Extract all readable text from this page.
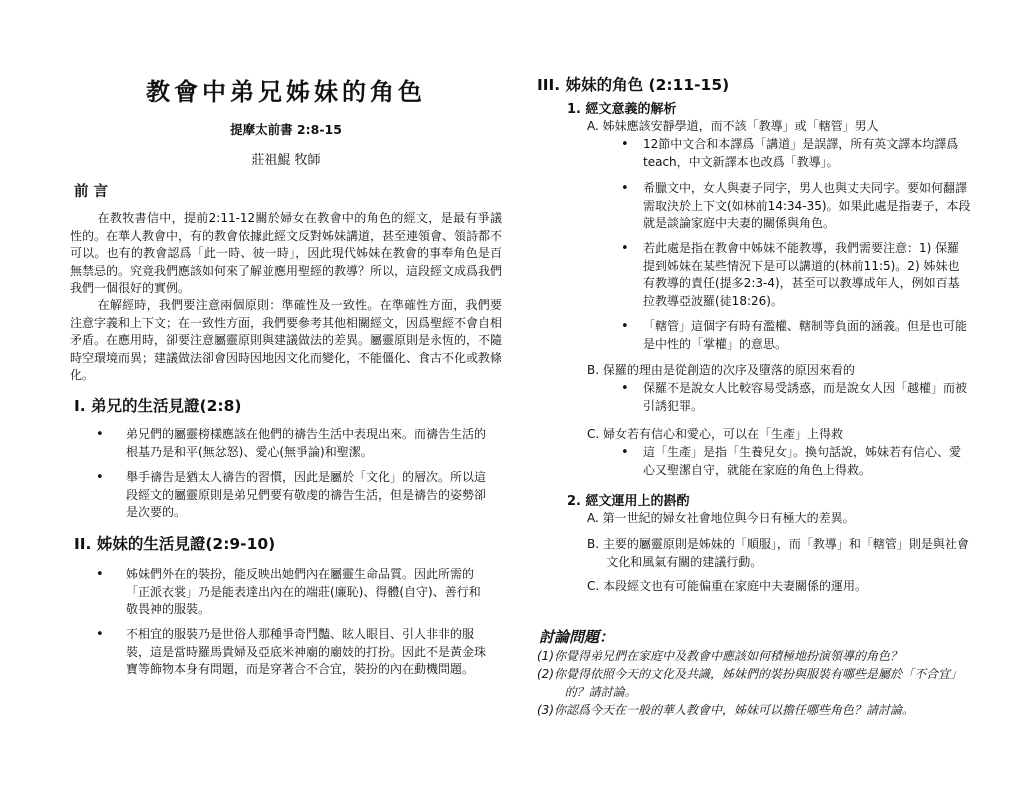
教會中弟兄姊妹的角色
提摩太前書 2:8-15
莊祖鯤 牧師
前 言

在教牧書信中，提前2:11-12關於婦女在教會中的角色的經文，是最有爭議性的。在華人教會中，有的教會依據此經文反對姊妹講道，甚至連領會、領詩都不可以。也有的教會認爲「此一時、彼一時」，因此現代姊妹在教會的事奉角色是百無禁忌的。究竟我們應該如何來了解並應用聖經的教導？所以，這段經文成爲我們我們一個很好的實例。

在解經時，我們要注意兩個原則：準確性及一致性。在準確性方面，我們要注意字義和上下文；在一致性方面，我們要參考其他相關經文，因爲聖經不會自相矛盾。在應用時，卻要注意屬靈原則與建議做法的差異。屬靈原則是永恆的，不隨時空環境而異；建議做法卻會因時因地因文化而變化，不能僵化、食古不化或教條化。

I. 弟兄的生活見證(2:8)
• 弟兄們的屬靈榜樣應該在他們的禱告生活中表現出來。而禱告生活的根基乃是和平(無忿怒)、愛心(無爭論)和聖潔。
• 舉手禱告是猶太人禱告的習慣，因此是屬於「文化」的層次。所以這段經文的屬靈原則是弟兄們要有敬虔的禱告生活，但是禱告的姿勢卻是次要的。
II. 姊妹的生活見證(2:9-10)
• 姊妹們外在的裝扮，能反映出她們內在屬靈生命品質。因此所需的「正派衣裳」乃是能表達出內在的端莊(廉恥)、得體(自守)、善行和敬畏神的服裝。
• 不相宜的服裝乃是世俗人那種爭奇鬥豔、眩人眼目、引人非非的服裝，這是當時羅馬貴婦及亞底米神廟的廟妓的打扮。因此不是黃金珠寶等飾物本身有問題，而是穿著合不合宜，裝扮的內在動機問題。
III. 姊妹的角色 (2:11-15)
1. 經文意義的解析
A. 姊妹應該安靜學道，而不該「教導」或「轄管」男人
• 12節中文合和本譯爲「講道」是誤譯，所有英文譯本均譯爲teach，中文新譯本也改爲「教導」。
• 希臘文中，女人與妻子同字，男人也與丈夫同字。要如何翻譯需取決於上下文(如林前14:34-35)。如果此處是指妻子，本段就是談論家庭中夫妻的關係與角色。
• 若此處是指在教會中姊妹不能教導，我們需要注意：1) 保羅提到姊妹在某些情況下是可以講道的(林前11:5)。2) 姊妹也有教導的責任(提多2:3-4)，甚至可以教導成年人，例如百基拉教導亞波羅(徒18:26)。
• 「轄管」這個字有時有濫權、轄制等負面的涵義。但是也可能是中性的「掌權」的意思。
B. 保羅的理由是從創造的次序及墮落的原因來看的
• 保羅不是說女人比較容易受誘惑，而是說女人因「越權」而被引誘犯罪。
C. 婦女若有信心和愛心，可以在「生產」上得救
• 這「生產」是指「生養兒女」。換句話說，姊妹若有信心、愛心又聖潔自守，就能在家庭的角色上得救。
2. 經文運用上的斟酌
A. 第一世紀的婦女社會地位與今日有極大的差異。
B. 主要的屬靈原則是姊妹的「順服」，而「教導」和「轄管」則是與社會文化和風氣有關的建議行動。
C. 本段經文也有可能偏重在家庭中夫妻關係的運用。
討論問題：
(1)你覺得弟兄們在家庭中及教會中應該如何積極地扮演領導的角色？
(2)你覺得依照今天的文化及共識，姊妹們的裝扮與服裝有哪些是屬於「不合宜」的？請討論。
(3)你認爲今天在一般的華人教會中，姊妹可以擔任哪些角色？請討論。
